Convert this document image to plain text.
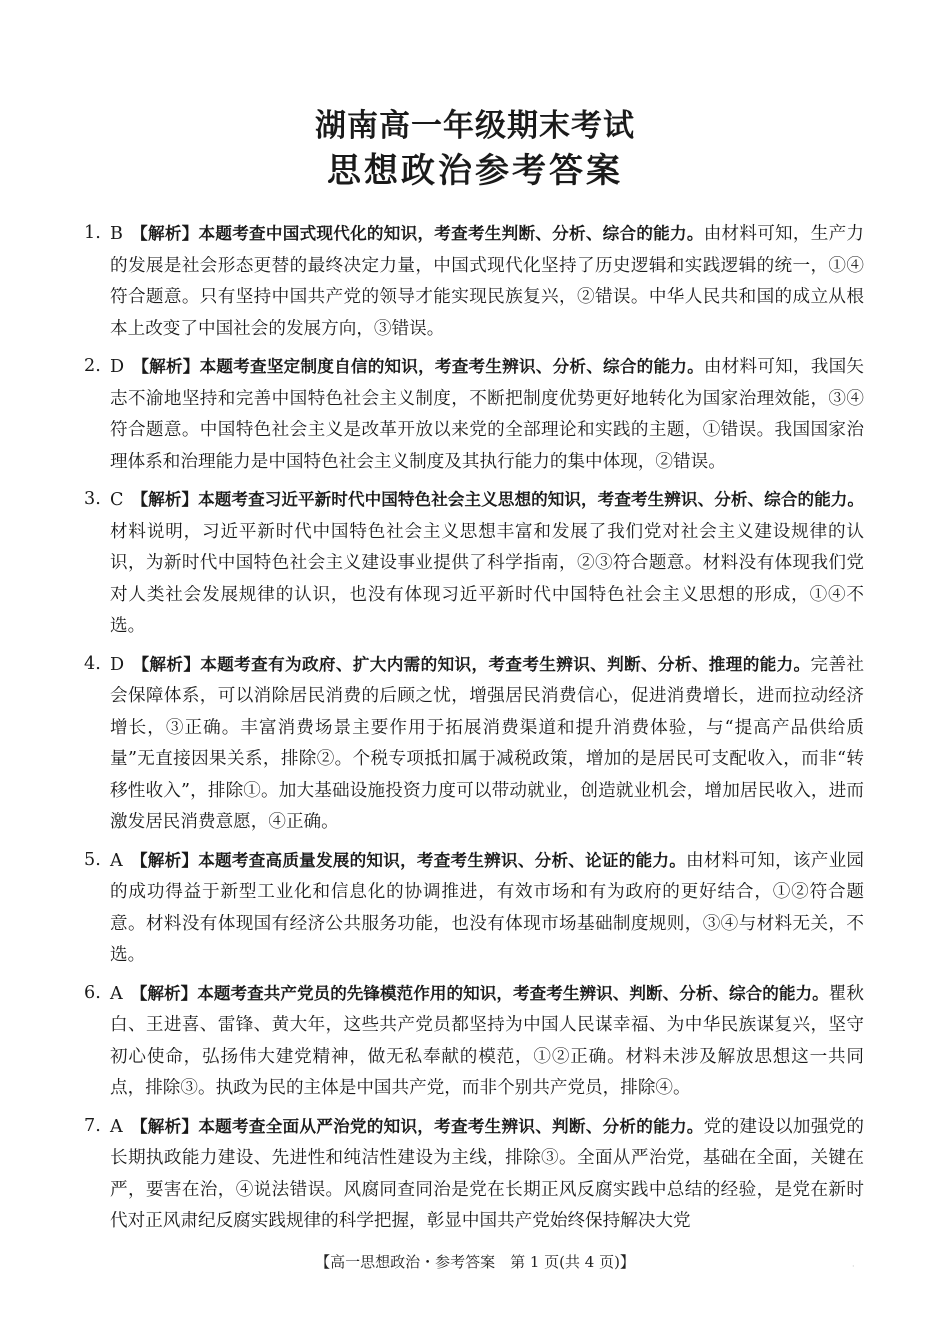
湖南高一年级期末考试
思想政治参考答案
1. B 【解析】本题考查中国式现代化的知识，考查考生判断、分析、综合的能力。由材料可知，生产力的发展是社会形态更替的最终决定力量，中国式现代化坚持了历史逻辑和实践逻辑的统一，①④符合题意。只有坚持中国共产党的领导才能实现民族复兴，②错误。中华人民共和国的成立从根本上改变了中国社会的发展方向，③错误。
2. D 【解析】本题考查坚定制度自信的知识，考查考生辨识、分析、综合的能力。由材料可知，我国矢志不渝地坚持和完善中国特色社会主义制度，不断把制度优势更好地转化为国家治理效能，③④符合题意。中国特色社会主义是改革开放以来党的全部理论和实践的主题，①错误。我国国家治理体系和治理能力是中国特色社会主义制度及其执行能力的集中体现，②错误。
3. C 【解析】本题考查习近平新时代中国特色社会主义思想的知识，考查考生辨识、分析、综合的能力。材料说明，习近平新时代中国特色社会主义思想丰富和发展了我们党对社会主义建设规律的认识，为新时代中国特色社会主义建设事业提供了科学指南，②③符合题意。材料没有体现我们党对人类社会发展规律的认识，也没有体现习近平新时代中国特色社会主义思想的形成，①④不选。
4. D 【解析】本题考查有为政府、扩大内需的知识，考查考生辨识、判断、分析、推理的能力。完善社会保障体系，可以消除居民消费的后顾之忧，增强居民消费信心，促进消费增长，进而拉动经济增长，③正确。丰富消费场景主要作用于拓展消费渠道和提升消费体验，与“提高产品供给质量”无直接因果关系，排除②。个税专项抵扣属于减税政策，增加的是居民可支配收入，而非“转移性收入”，排除①。加大基础设施投资力度可以带动就业，创造就业机会，增加居民收入，进而激发居民消费意愿，④正确。
5. A 【解析】本题考查高质量发展的知识，考查考生辨识、分析、论证的能力。由材料可知，该产业园的成功得益于新型工业化和信息化的协调推进，有效市场和有为政府的更好结合，①②符合题意。材料没有体现国有经济公共服务功能，也没有体现市场基础制度规则，③④与材料无关，不选。
6. A 【解析】本题考查共产党员的先锋模范作用的知识，考查考生辨识、判断、分析、综合的能力。瞿秋白、王进喜、雷锋、黄大年，这些共产党员都坚持为中国人民谋幸福、为中华民族谋复兴，坚守初心使命，弘扬伟大建党精神，做无私奉献的模范，①②正确。材料未涉及解放思想这一共同点，排除③。执政为民的主体是中国共产党，而非个别共产党员，排除④。
7. A 【解析】本题考查全面从严治党的知识，考查考生辨识、判断、分析的能力。党的建设以加强党的长期执政能力建设、先进性和纯洁性建设为主线，排除③。全面从严治党，基础在全面，关键在严，要害在治，④说法错误。风腐同查同治是党在长期正风反腐实践中总结的经验，是党在新时代对正风肃纪反腐实践规律的科学把握，彰显中国共产党始终保持解决大党
【高一思想政治・参考答案　第 1 页(共 4 页)】	·
